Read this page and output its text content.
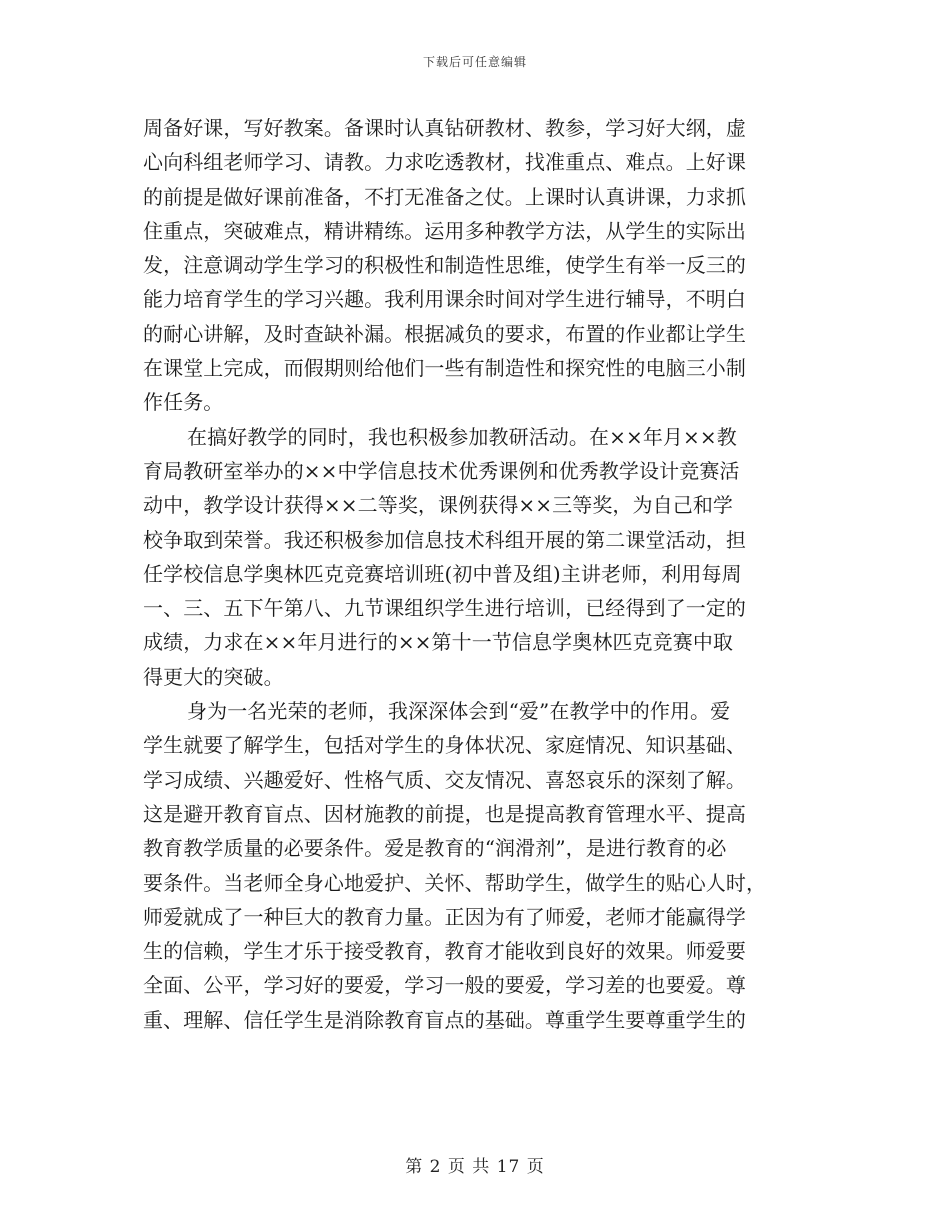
下载后可任意编辑
周备好课，写好教案。备课时认真钻研教材、教参，学习好大纲，虚
心向科组老师学习、请教。力求吃透教材，找准重点、难点。上好课
的前提是做好课前准备，不打无准备之仗。上课时认真讲课，力求抓
住重点，突破难点，精讲精练。运用多种教学方法，从学生的实际出
发，注意调动学生学习的积极性和制造性思维，使学生有举一反三的
能力培育学生的学习兴趣。我利用课余时间对学生进行辅导，不明白
的耐心讲解，及时查缺补漏。根据减负的要求，布置的作业都让学生
在课堂上完成，而假期则给他们一些有制造性和探究性的电脑三小制
作任务。
在搞好教学的同时，我也积极参加教研活动。在××年月××教
育局教研室举办的××中学信息技术优秀课例和优秀教学设计竞赛活
动中，教学设计获得××二等奖，课例获得××三等奖，为自己和学
校争取到荣誉。我还积极参加信息技术科组开展的第二课堂活动，担
任学校信息学奥林匹克竞赛培训班(初中普及组)主讲老师，利用每周
一、三、五下午第八、九节课组织学生进行培训，已经得到了一定的
成绩，力求在××年月进行的××第十一节信息学奥林匹克竞赛中取
得更大的突破。
身为一名光荣的老师，我深深体会到“爱”在教学中的作用。爱
学生就要了解学生，包括对学生的身体状况、家庭情况、知识基础、
学习成绩、兴趣爱好、性格气质、交友情况、喜怒哀乐的深刻了解。
这是避开教育盲点、因材施教的前提，也是提高教育管理水平、提高
教育教学质量的必要条件。爱是教育的“润滑剂”，是进行教育的必
要条件。当老师全身心地爱护、关怀、帮助学生，做学生的贴心人时，
师爱就成了一种巨大的教育力量。正因为有了师爱，老师才能赢得学
生的信赖，学生才乐于接受教育，教育才能收到良好的效果。师爱要
全面、公平，学习好的要爱，学习一般的要爱，学习差的也要爱。尊
重、理解、信任学生是消除教育盲点的基础。尊重学生要尊重学生的
第 2 页 共 17 页
